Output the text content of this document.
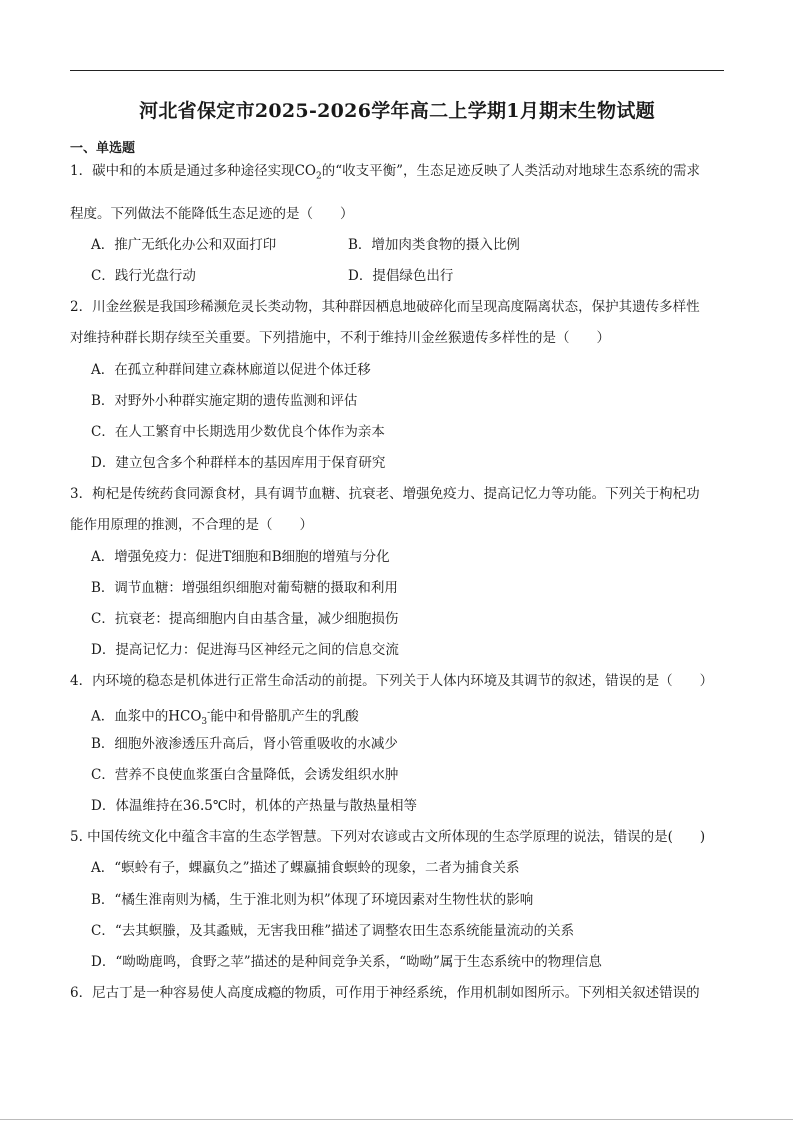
河北省保定市2025-2026学年高二上学期1月期末生物试题
一、单选题
1．碳中和的本质是通过多种途径实现$CO_2$的“收支平衡”，生态足迹反映了人类活动对地球生态系统的需求
程度。下列做法不能降低生态足迹的是（　　）
A．推广无纸化办公和双面打印	B．增加肉类食物的摄入比例
C．践行光盘行动	D．提倡绿色出行
2．川金丝猴是我国珍稀濒危灵长类动物，其种群因栖息地破碎化而呈现高度隔离状态，保护其遗传多样性
对维持种群长期存续至关重要。下列措施中，不利于维持川金丝猴遗传多样性的是（　　）
A．在孤立种群间建立森林廊道以促进个体迁移
B．对野外小种群实施定期的遗传监测和评估
C．在人工繁育中长期选用少数优良个体作为亲本
D．建立包含多个种群样本的基因库用于保育研究
3．枸杞是传统药食同源食材，具有调节血糖、抗衰老、增强免疫力、提高记忆力等功能。下列关于枸杞功
能作用原理的推测，不合理的是（　　）
A．增强免疫力：促进T细胞和B细胞的增殖与分化
B．调节血糖：增强组织细胞对葡萄糖的摄取和利用
C．抗衰老：提高细胞内自由基含量，减少细胞损伤
D．提高记忆力：促进海马区神经元之间的信息交流
4．内环境的稳态是机体进行正常生命活动的前提。下列关于人体内环境及其调节的叙述，错误的是（　　）
A．血浆中的$HCO_3^-$能中和骨骼肌产生的乳酸
B．细胞外液渗透压升高后，肾小管重吸收的水减少
C．营养不良使血浆蛋白含量降低，会诱发组织水肿
D．体温维持在36.5℃时，机体的产热量与散热量相等
5. 中国传统文化中蕴含丰富的生态学智慧。下列对农谚或古文所体现的生态学原理的说法，错误的是(　　)
A．“螟蛉有子，蜾蠃负之”描述了蜾蠃捕食螟蛉的现象，二者为捕食关系
B．“橘生淮南则为橘，生于淮北则为枳”体现了环境因素对生物性状的影响
C．“去其螟螣，及其蟊贼，无害我田稚”描述了调整农田生态系统能量流动的关系
D．“呦呦鹿鸣，食野之苹”描述的是种间竞争关系，“呦呦”属于生态系统中的物理信息
6．尼古丁是一种容易使人高度成瘾的物质，可作用于神经系统，作用机制如图所示。下列相关叙述错误的
